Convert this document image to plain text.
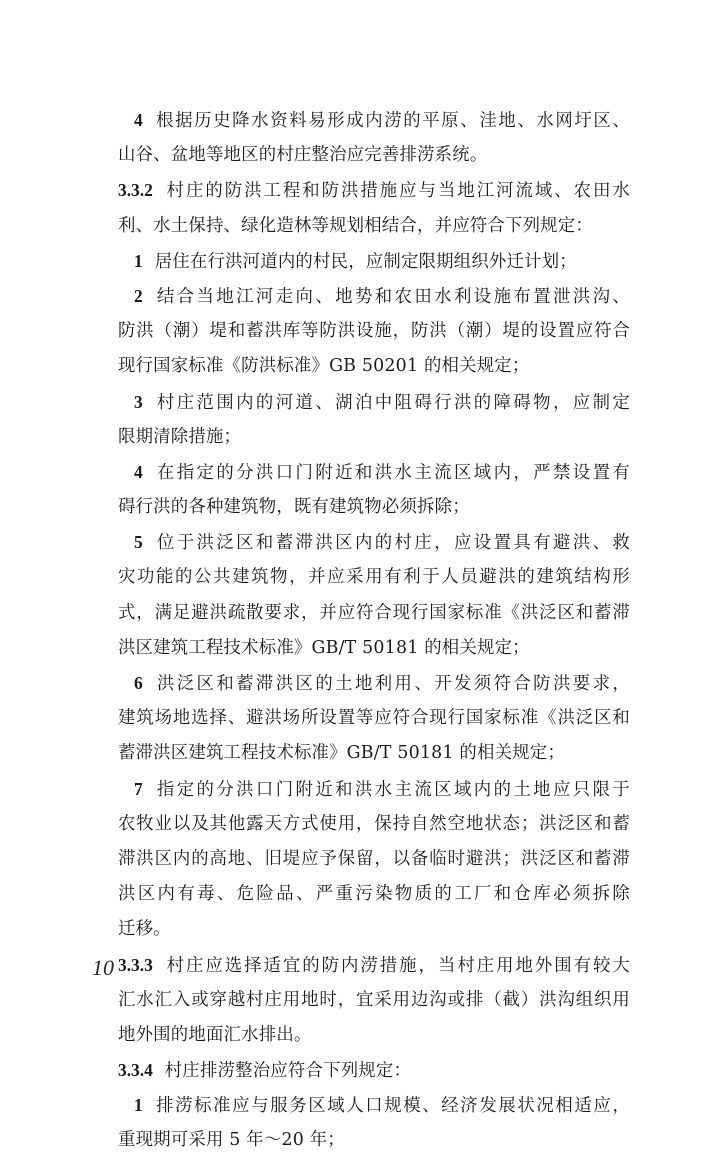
4 根据历史降水资料易形成内涝的平原、洼地、水网圩区、
山谷、盆地等地区的村庄整治应完善排涝系统。
3.3.2 村庄的防洪工程和防洪措施应与当地江河流域、农田水
利、水土保持、绿化造林等规划相结合，并应符合下列规定：
1 居住在行洪河道内的村民，应制定限期组织外迁计划；
2 结合当地江河走向、地势和农田水利设施布置泄洪沟、
防洪（潮）堤和蓄洪库等防洪设施，防洪（潮）堤的设置应符合
现行国家标准《防洪标准》GB 50201 的相关规定；
3 村庄范围内的河道、湖泊中阻碍行洪的障碍物，应制定
限期清除措施；
4 在指定的分洪口门附近和洪水主流区域内，严禁设置有
碍行洪的各种建筑物，既有建筑物必须拆除；
5 位于洪泛区和蓄滞洪区内的村庄，应设置具有避洪、救
灾功能的公共建筑物，并应采用有利于人员避洪的建筑结构形
式，满足避洪疏散要求，并应符合现行国家标准《洪泛区和蓄滞
洪区建筑工程技术标准》GB/T 50181 的相关规定；
6 洪泛区和蓄滞洪区的土地利用、开发须符合防洪要求，
建筑场地选择、避洪场所设置等应符合现行国家标准《洪泛区和
蓄滞洪区建筑工程技术标准》GB/T 50181 的相关规定；
7 指定的分洪口门附近和洪水主流区域内的土地应只限于
农牧业以及其他露天方式使用，保持自然空地状态；洪泛区和蓄
滞洪区内的高地、旧堤应予保留，以备临时避洪；洪泛区和蓄滞
洪区内有毒、危险品、严重污染物质的工厂和仓库必须拆除
迁移。
3.3.3 村庄应选择适宜的防内涝措施，当村庄用地外围有较大
汇水汇入或穿越村庄用地时，宜采用边沟或排（截）洪沟组织用
地外围的地面汇水排出。
3.3.4 村庄排涝整治应符合下列规定：
1 排涝标准应与服务区域人口规模、经济发展状况相适应，
重现期可采用 5 年～20 年；
10
